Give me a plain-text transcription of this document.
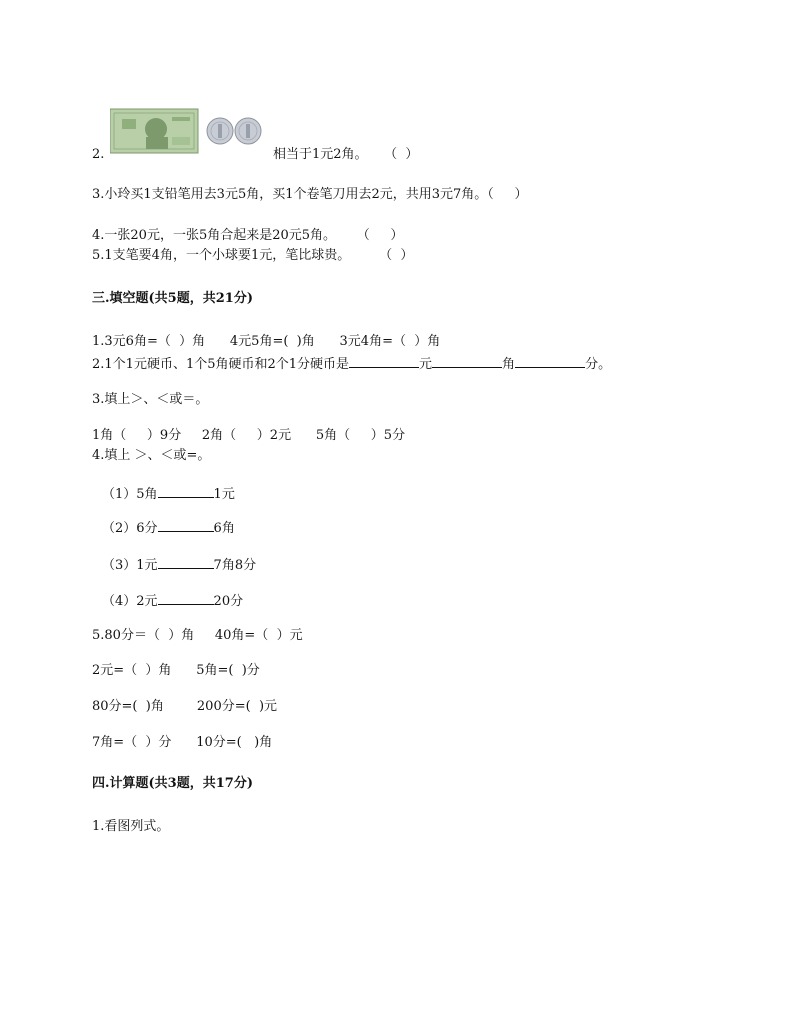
2.	相当于1元2角。    （  ）
3.小玲买1支铅笔用去3元5角，买1个卷笔刀用去2元，共用3元7角。（     ）
4.一张20元，一张5角合起来是20元5角。     （     ）
5.1支笔要4角，一个小球要1元，笔比球贵。       （  ）
三.填空题(共5题，共21分)
1.3元6角=（  ）角      4元5角=(  )角      3元4角=（  ）角
2.1个1元硬币、1个5角硬币和2个1分硬币是	元	角	分。
3.填上＞、＜或＝。
1角（     ）9分     2角（     ）2元      5角（     ）5分
4.填上 ＞、＜或=。
（1）5角	1元
（2）6分	6角
（3）1元	7角8分
（4）2元	20分
5.80分＝（  ）角     40角=（  ）元
2元=（  ）角      5角=(  )分
80分=(  )角        200分=(  )元
7角=（  ）分      10分=(   )角
四.计算题(共3题，共17分)
1.看图列式。
